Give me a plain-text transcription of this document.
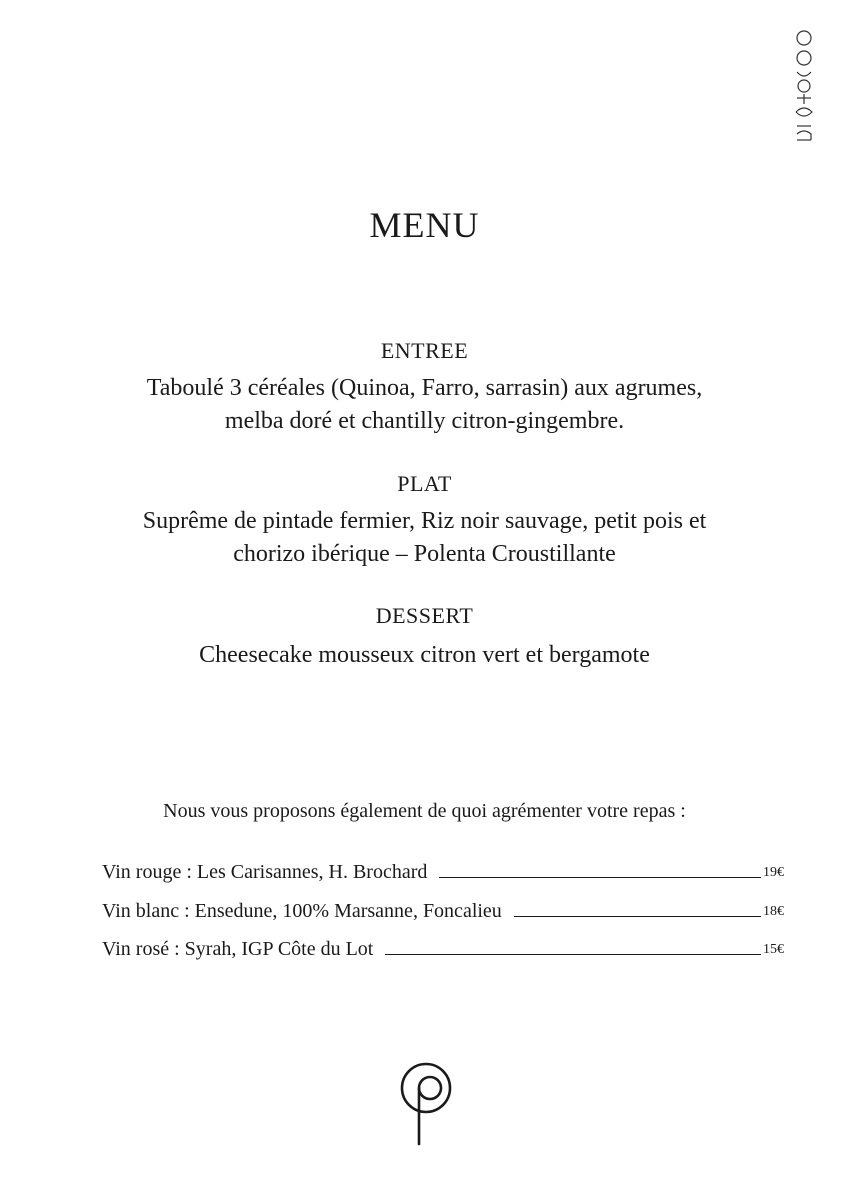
MENU
ENTREE
Taboulé 3 céréales (Quinoa, Farro, sarrasin) aux agrumes,
melba doré et chantilly citron-gingembre.
PLAT
Suprême de pintade fermier, Riz noir sauvage, petit pois et
chorizo ibérique – Polenta Croustillante
DESSERT
Cheesecake mousseux citron vert et bergamote
Nous vous proposons également de quoi agrémenter votre repas :
Vin rouge : Les Carisannes, H. Brochard	19€
Vin blanc : Ensedune, 100% Marsanne, Foncalieu	18€
Vin rosé : Syrah, IGP Côte du Lot	15€
